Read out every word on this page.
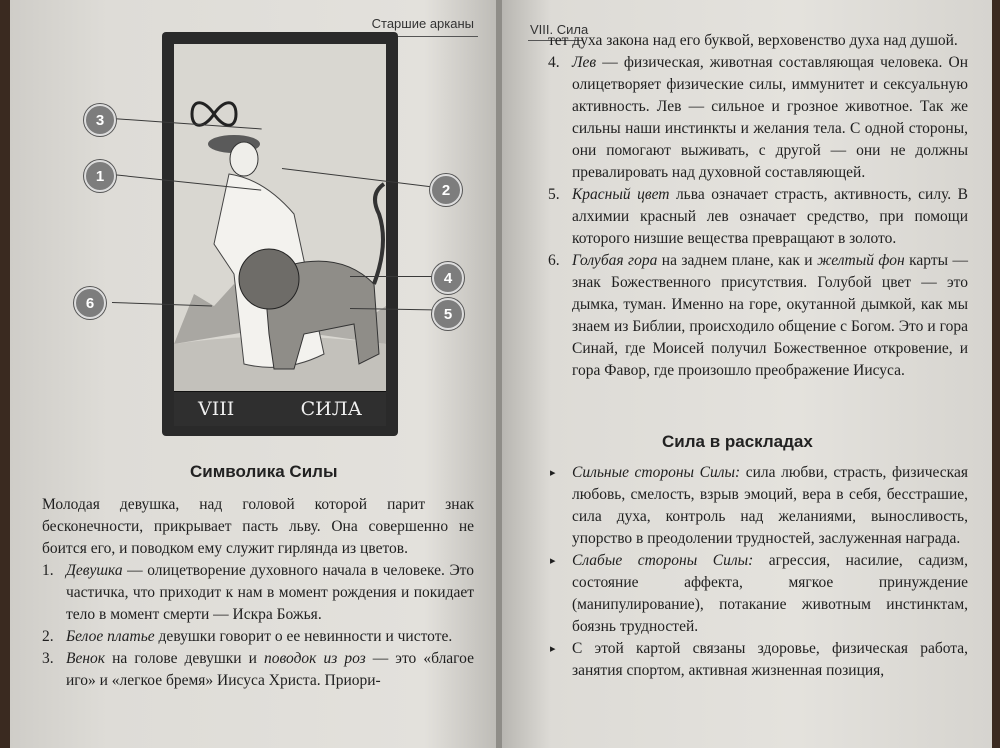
Старшие арканы
VIII	СИЛА
3
1
2
4
5
6
Символика Силы

Молодая девушка, над головой которой парит знак бесконечности, прикрывает пасть льву. Она совершенно не боится его, и поводком ему служит гирлянда из цветов.

1. Девушка — олицетворение духовного начала в человеке. Это частичка, что приходит к нам в момент рождения и покидает тело в момент смерти — Искра Божья.
2. Белое платье девушки говорит о ее невинности и чистоте.
3. Венок на голове девушки и поводок из роз — это «благое иго» и «легкое бремя» Иисуса Христа. Приори-
VIII. Сила

тет духа закона над его буквой, верховенство духа над душой.

4. Лев — физическая, животная составляющая человека. Он олицетворяет физические силы, иммунитет и сексуальную активность. Лев — сильное и грозное животное. Так же сильны наши инстинкты и желания тела. С одной стороны, они помогают выживать, с другой — они не должны превалировать над духовной составляющей.
5. Красный цвет льва означает страсть, активность, силу. В алхимии красный лев означает средство, при помощи которого низшие вещества превращают в золото.
6. Голубая гора на заднем плане, как и желтый фон карты — знак Божественного присутствия. Голубой цвет — это дымка, туман. Именно на горе, окутанной дымкой, как мы знаем из Библии, происходило общение с Богом. Это и гора Синай, где Моисей получил Божественное откровение, и гора Фавор, где произошло преображение Иисуса.
Сила в раскладах
▸ Сильные стороны Силы: сила любви, страсть, физическая любовь, смелость, взрыв эмоций, вера в себя, бесстрашие, сила духа, контроль над желаниями, выносливость, упорство в преодолении трудностей, заслуженная награда.
▸ Слабые стороны Силы: агрессия, насилие, садизм, состояние аффекта, мягкое принуждение (манипулирование), потакание животным инстинктам, боязнь трудностей.
▸ С этой картой связаны здоровье, физическая работа, занятия спортом, активная жизненная позиция,
